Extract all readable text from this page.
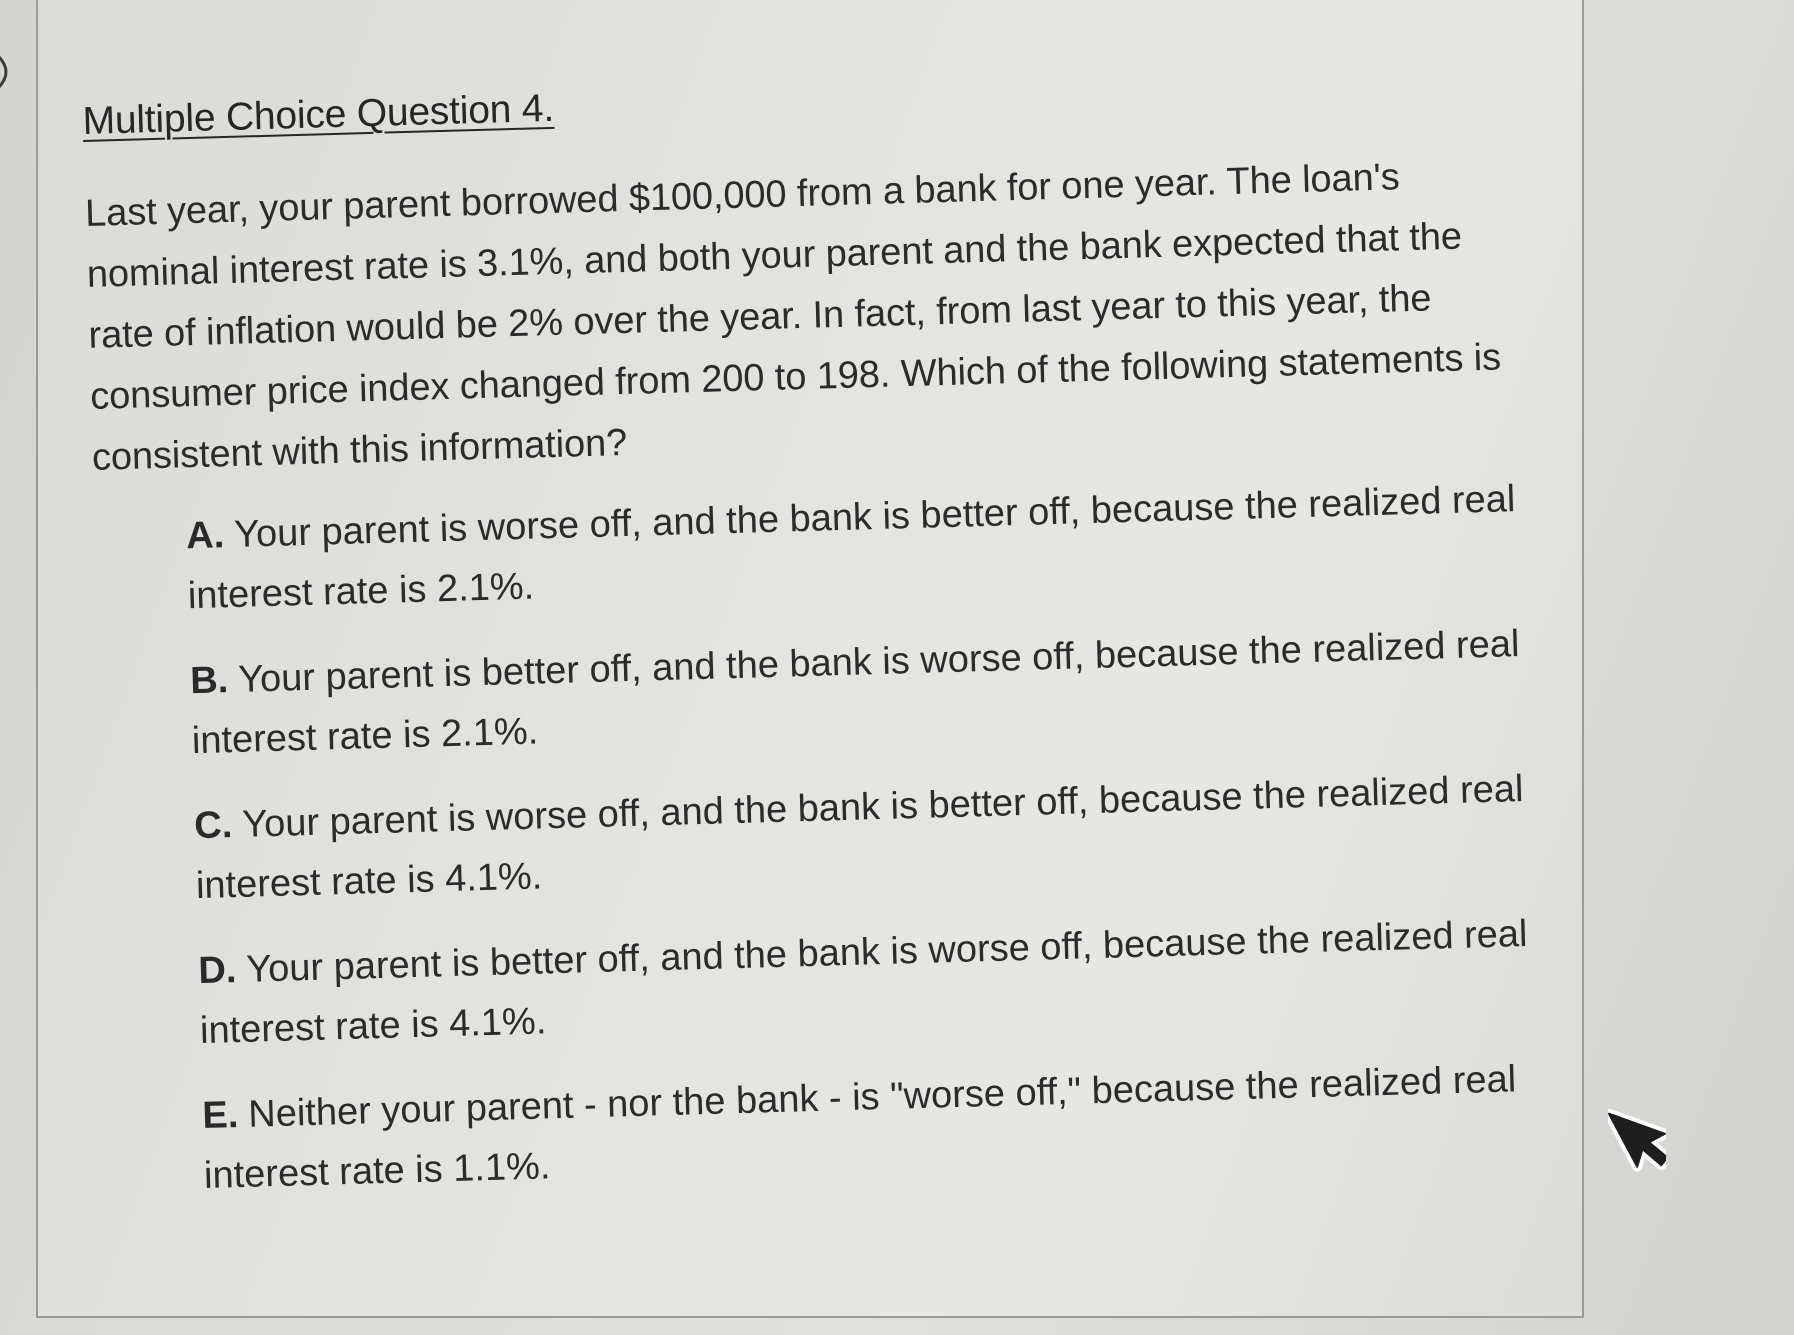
Multiple Choice Question 4.

Last year, your parent borrowed $100,000 from a bank for one year. The loan's nominal interest rate is 3.1%, and both your parent and the bank expected that the rate of inflation would be 2% over the year. In fact, from last year to this year, the consumer price index changed from 200 to 198. Which of the following statements is consistent with this information?

A. Your parent is worse off, and the bank is better off, because the realized real interest rate is 2.1%.
B. Your parent is better off, and the bank is worse off, because the realized real interest rate is 2.1%.
C. Your parent is worse off, and the bank is better off, because the realized real interest rate is 4.1%.
D. Your parent is better off, and the bank is worse off, because the realized real interest rate is 4.1%.
E. Neither your parent - nor the bank - is "worse off," because the realized real interest rate is 1.1%.
